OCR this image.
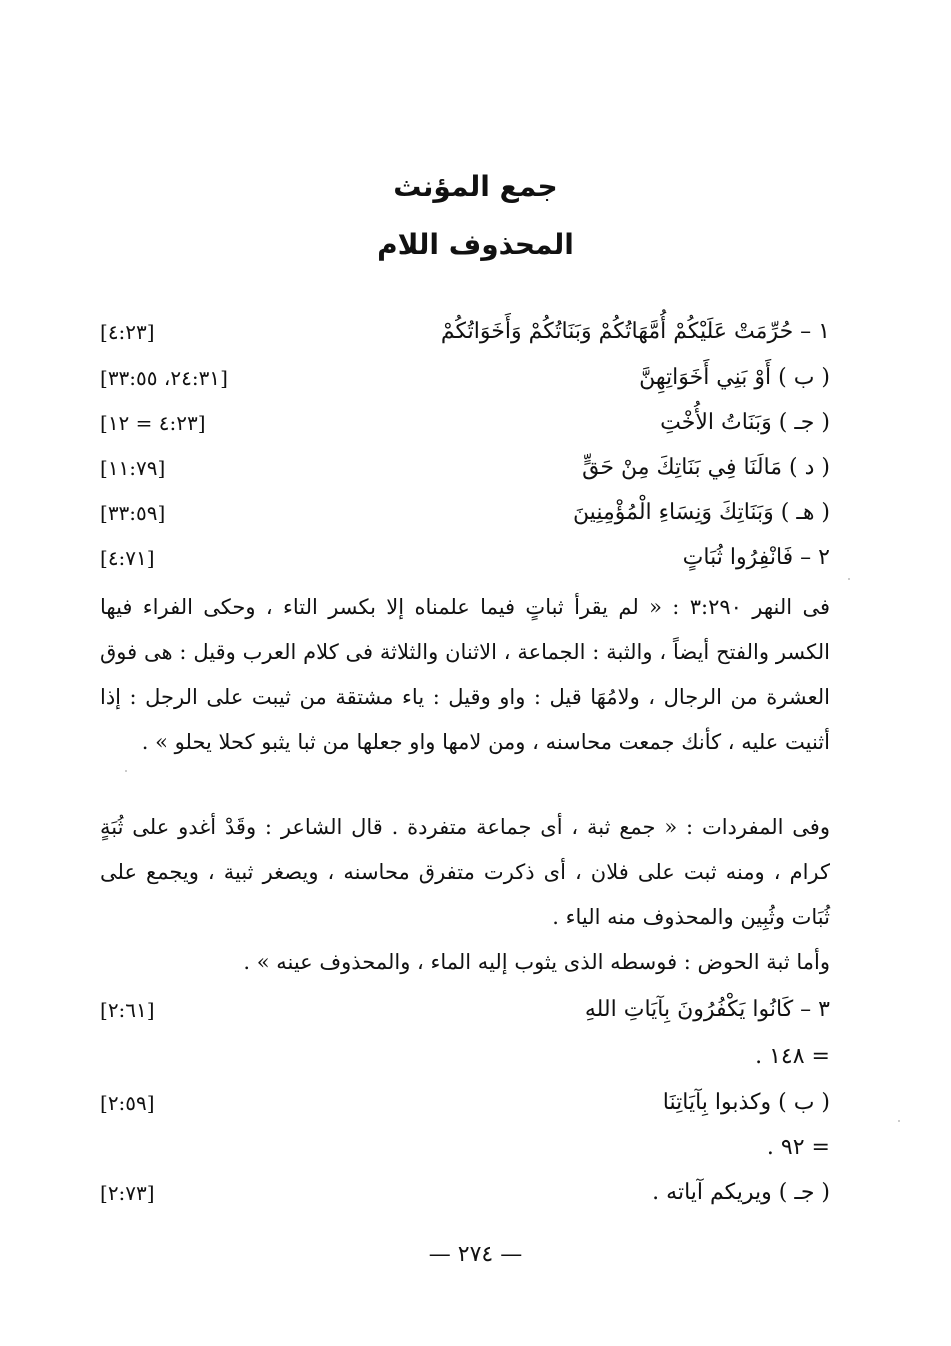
جمع المؤنث
المحذوف اللام
١ – حُرِّمَتْ عَلَيْكُمْ أُمَّهَاتُكُمْ وَبَنَاتُكُمْ وَأَخَوَاتُكُمْ
[٤:٢٣]
( ب ) أَوْ بَنِي أَخَوَاتِهِنَّ
[٢٤:٣١، ٣٣:٥٥]
( جـ ) وَبَنَاتُ الأُخْتِ
[٤:٢٣ = ١٢]
( د ) مَالَنَا فِي بَنَاتِكَ مِنْ حَقٍّ
[١١:٧٩]
( هـ ) وَبَنَاتِكَ وَنِسَاءِ الْمُؤْمِنِينَ
[٣٣:٥٩]
٢ – فَانْفِرُوا ثُبَاتٍ
[٤:٧١]

فى النهر ٣:٢٩٠ : « لم يقرأ ثباتٍ فيما علمناه إلا بكسر التاء ، وحكى الفراء فيها الكسر والفتح أيضاً ، والثبة : الجماعة ، الاثنان والثلاثة فى كلام العرب وقيل : هى فوق العشرة من الرجال ، ولامُهَا قيل : واو وقيل : ياء مشتقة من ثيبت على الرجل : إذا أثنيت عليه ، كأنك جمعت محاسنه ، ومن لامها واو جعلها من ثبا يثبو كحلا يحلو » .

وفى المفردات : « جمع ثبة ، أى جماعة متفردة . قال الشاعر : وقَدْ أغدو على ثُبَةٍ كرام ، ومنه ثبت على فلان ، أى ذكرت متفرق محاسنه ، ويصغر ثبية ، ويجمع على ثُبَات وثُبِين والمحذوف منه الياء .

وأما ثبة الحوض : فوسطه الذى يثوب إليه الماء ، والمحذوف عينه » .

٣ – كَانُوا يَكْفُرُونَ بِآيَاتِ اللهِ
[٢:٦١]
= ١٤٨ .
( ب ) وكذبوا بِآيَاتِنَا
[٢:٥٩]
= ٩٢ .
( جـ ) ويريكم آياته .
[٢:٧٣]
— ٢٧٤ —
